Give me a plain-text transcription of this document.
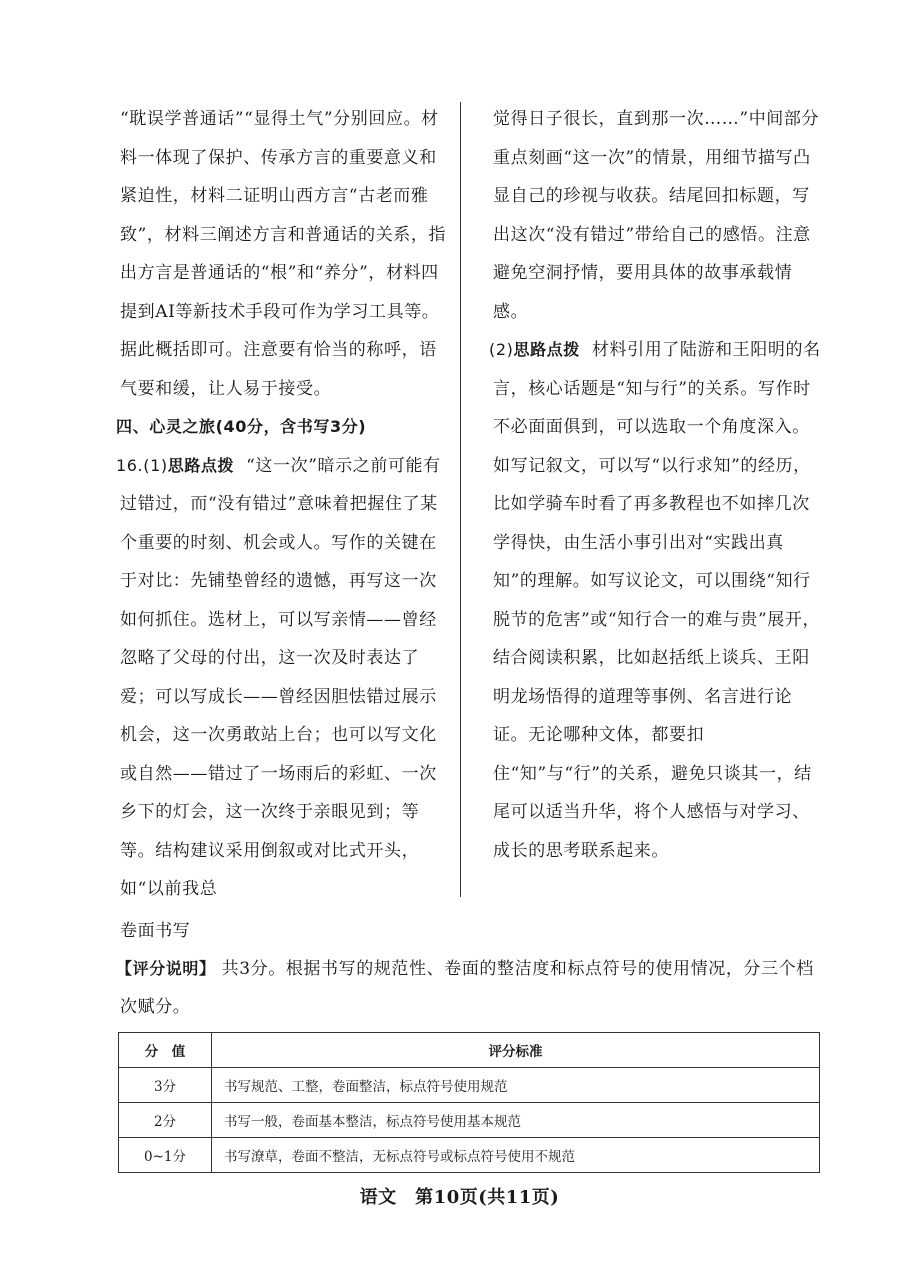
“耽误学普通话”“显得土气”分别回应。材料一体现了保护、传承方言的重要意义和紧迫性，材料二证明山西方言“古老而雅致”，材料三阐述方言和普通话的关系，指出方言是普通话的“根”和“养分”，材料四提到AI等新技术手段可作为学习工具等。据此概括即可。注意要有恰当的称呼，语气要和缓，让人易于接受。

四、心灵之旅(40分，含书写3分)

16.(1)思路点拨 “这一次”暗示之前可能有过错过，而“没有错过”意味着把握住了某个重要的时刻、机会或人。写作的关键在于对比：先铺垫曾经的遗憾，再写这一次如何抓住。选材上，可以写亲情——曾经忽略了父母的付出，这一次及时表达了爱；可以写成长——曾经因胆怯错过展示机会，这一次勇敢站上台；也可以写文化或自然——错过了一场雨后的彩虹、一次乡下的灯会，这一次终于亲眼见到；等等。结构建议采用倒叙或对比式开头，如“以前我总

觉得日子很长，直到那一次……”中间部分重点刻画“这一次”的情景，用细节描写凸显自己的珍视与收获。结尾回扣标题，写出这次“没有错过”带给自己的感悟。注意避免空洞抒情，要用具体的故事承载情感。

(2)思路点拨 材料引用了陆游和王阳明的名言，核心话题是“知与行”的关系。写作时不必面面俱到，可以选取一个角度深入。如写记叙文，可以写“以行求知”的经历，比如学骑车时看了再多教程也不如摔几次学得快，由生活小事引出对“实践出真知”的理解。如写议论文，可以围绕“知行脱节的危害”或“知行合一的难与贵”展开，结合阅读积累，比如赵括纸上谈兵、王阳明龙场悟得的道理等事例、名言进行论证。无论哪种文体，都要扣住“知”与“行”的关系，避免只谈其一，结尾可以适当升华，将个人感悟与对学习、成长的思考联系起来。

卷面书写

【评分说明】 共3分。根据书写的规范性、卷面的整洁度和标点符号的使用情况，分三个档次赋分。

分　值	评分标准
3分	书写规范、工整，卷面整洁，标点符号使用规范
2分	书写一般，卷面基本整洁，标点符号使用基本规范
0~1分	书写潦草，卷面不整洁，无标点符号或标点符号使用不规范
语文　第10页(共11页)
